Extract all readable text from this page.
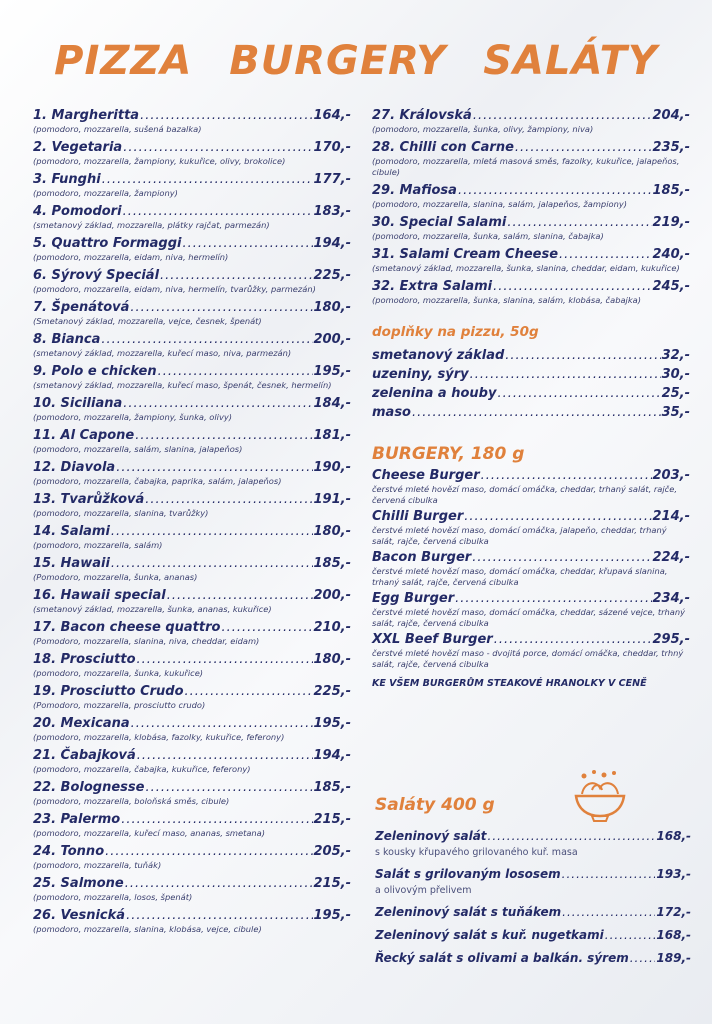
PIZZA BURGERY SALÁTY
1. Margheritta .....	164,-
(pomodoro, mozzarella, sušená bazalka)
2. Vegetaria .....	170,-
(pomodoro, mozzarella, žampiony, kukuřice, olivy, brokolice)
3. Funghi .....	177,-
(pomodoro, mozzarella, žampiony)
4. Pomodori .....	183,-
(smetanový základ, mozzarella, plátky rajčat, parmezán)
5. Quattro Formaggi .....	194,-
(pomodoro, mozzarella, eidam, niva, hermelín)
6. Sýrový Speciál .....	225,-
(pomodoro, mozzarella, eidam, niva, hermelín, tvarůžky, parmezán)
7. Špenátová .....	180,-
(Smetanový základ, mozzarella, vejce, česnek, špenát)
8. Bianca .....	200,-
(smetanový základ, mozzarella, kuřecí maso, niva, parmezán)
9. Polo e chicken .....	195,-
(smetanový základ, mozzarella, kuřecí maso, špenát, česnek, hermelín)
10. Siciliana .....	184,-
(pomodoro, mozzarella, žampiony, šunka, olivy)
11. Al Capone .....	181,-
(pomodoro, mozzarella, salám, slanina, jalapeňos)
12. Diavola .....	190,-
(pomodoro, mozzarella, čabajka, paprika, salám, jalapeňos)
13. Tvarůžková .....	191,-
(pomodoro, mozzarella, slanina, tvarůžky)
14. Salami .....	180,-
(pomodoro, mozzarella, salám)
15. Hawaii .....	185,-
(Pomodoro, mozzarella, šunka, ananas)
16. Hawaii special .....	200,-
(smetanový základ, mozzarella, šunka, ananas, kukuřice)
17. Bacon cheese quattro .....	210,-
(Pomodoro, mozzarella, slanina, niva, cheddar, eidam)
18. Prosciutto .....	180,-
(pomodoro, mozzarella, šunka, kukuřice)
19. Prosciutto Crudo .....	225,-
(Pomodoro, mozzarella, prosciutto crudo)
20. Mexicana .....	195,-
(pomodoro, mozzarella, klobása, fazolky, kukuřice, feferony)
21. Čabajková .....	194,-
(pomodoro, mozzarella, čabajka, kukuřice, feferony)
22. Bolognesse .....	185,-
(pomodoro, mozzarella, boloňská směs, cibule)
23. Palermo .....	215,-
(pomodoro, mozzarella, kuřecí maso, ananas, smetana)
24. Tonno .....	205,-
(pomodoro, mozzarella, tuňák)
25. Salmone .....	215,-
(pomodoro, mozzarella, losos, špenát)
26. Vesnická .....	195,-
(pomodoro, mozzarella, slanina, klobása, vejce, cibule)
27. Královská .....	204,-
(pomodoro, mozzarella, šunka, olivy, žampiony, niva)
28. Chilli con Carne .....	235,-
(pomodoro, mozzarella, mletá masová směs, fazolky, kukuřice, jalapeňos, cibule)
29. Mafiosa .....	185,-
(pomodoro, mozzarella, slanina, salám, jalapeňos, žampiony)
30. Special Salami .....	219,-
(pomodoro, mozzarella, šunka, salám, slanina, čabajka)
31. Salami Cream Cheese .....	240,-
(smetanový základ, mozzarella, šunka, slanina, cheddar, eidam, kukuřice)
32. Extra Salami .....	245,-
(pomodoro, mozzarella, šunka, slanina, salám, klobása, čabajka)
doplňky na pizzu, 50g
smetanový základ .....	32,-
uzeniny, sýry .....	30,-
zelenina a houby .....	25,-
maso .....	35,-
BURGERY, 180 g
Cheese Burger .....	203,-
čerstvé mleté hovězí maso, domácí omáčka, cheddar, trhaný salát, rajče, červená cibulka
Chilli Burger .....	214,-
čerstvé mleté hovězí maso, domácí omáčka, jalapeňo, cheddar, trhaný salát, rajče, červená cibulka
Bacon Burger .....	224,-
čerstvé mleté hovězí maso, domácí omáčka, cheddar, křupavá slanina, trhaný salát, rajče, červená cibulka
Egg Burger .....	234,-
čerstvé mleté hovězí maso, domácí omáčka, cheddar, sázené vejce, trhaný salát, rajče, červená cibulka
XXL Beef Burger .....	295,-
čerstvé mleté hovězí maso - dvojitá porce, domácí omáčka, cheddar, trhný salát, rajče, červená cibulka
KE VŠEM BURGERŮM STEAKOVÉ HRANOLKY V CENĚ
Saláty 400 g
Zeleninový salát .....	168,-
s kousky křupavého grilovaného kuř. masa
Salát s grilovaným lososem .....	193,-
a olivovým přelivem
Zeleninový salát s tuňákem .....	172,-
Zeleninový salát s kuř. nugetkami .....	168,-
Řecký salát s olivami a balkán. sýrem ..... 189,-
